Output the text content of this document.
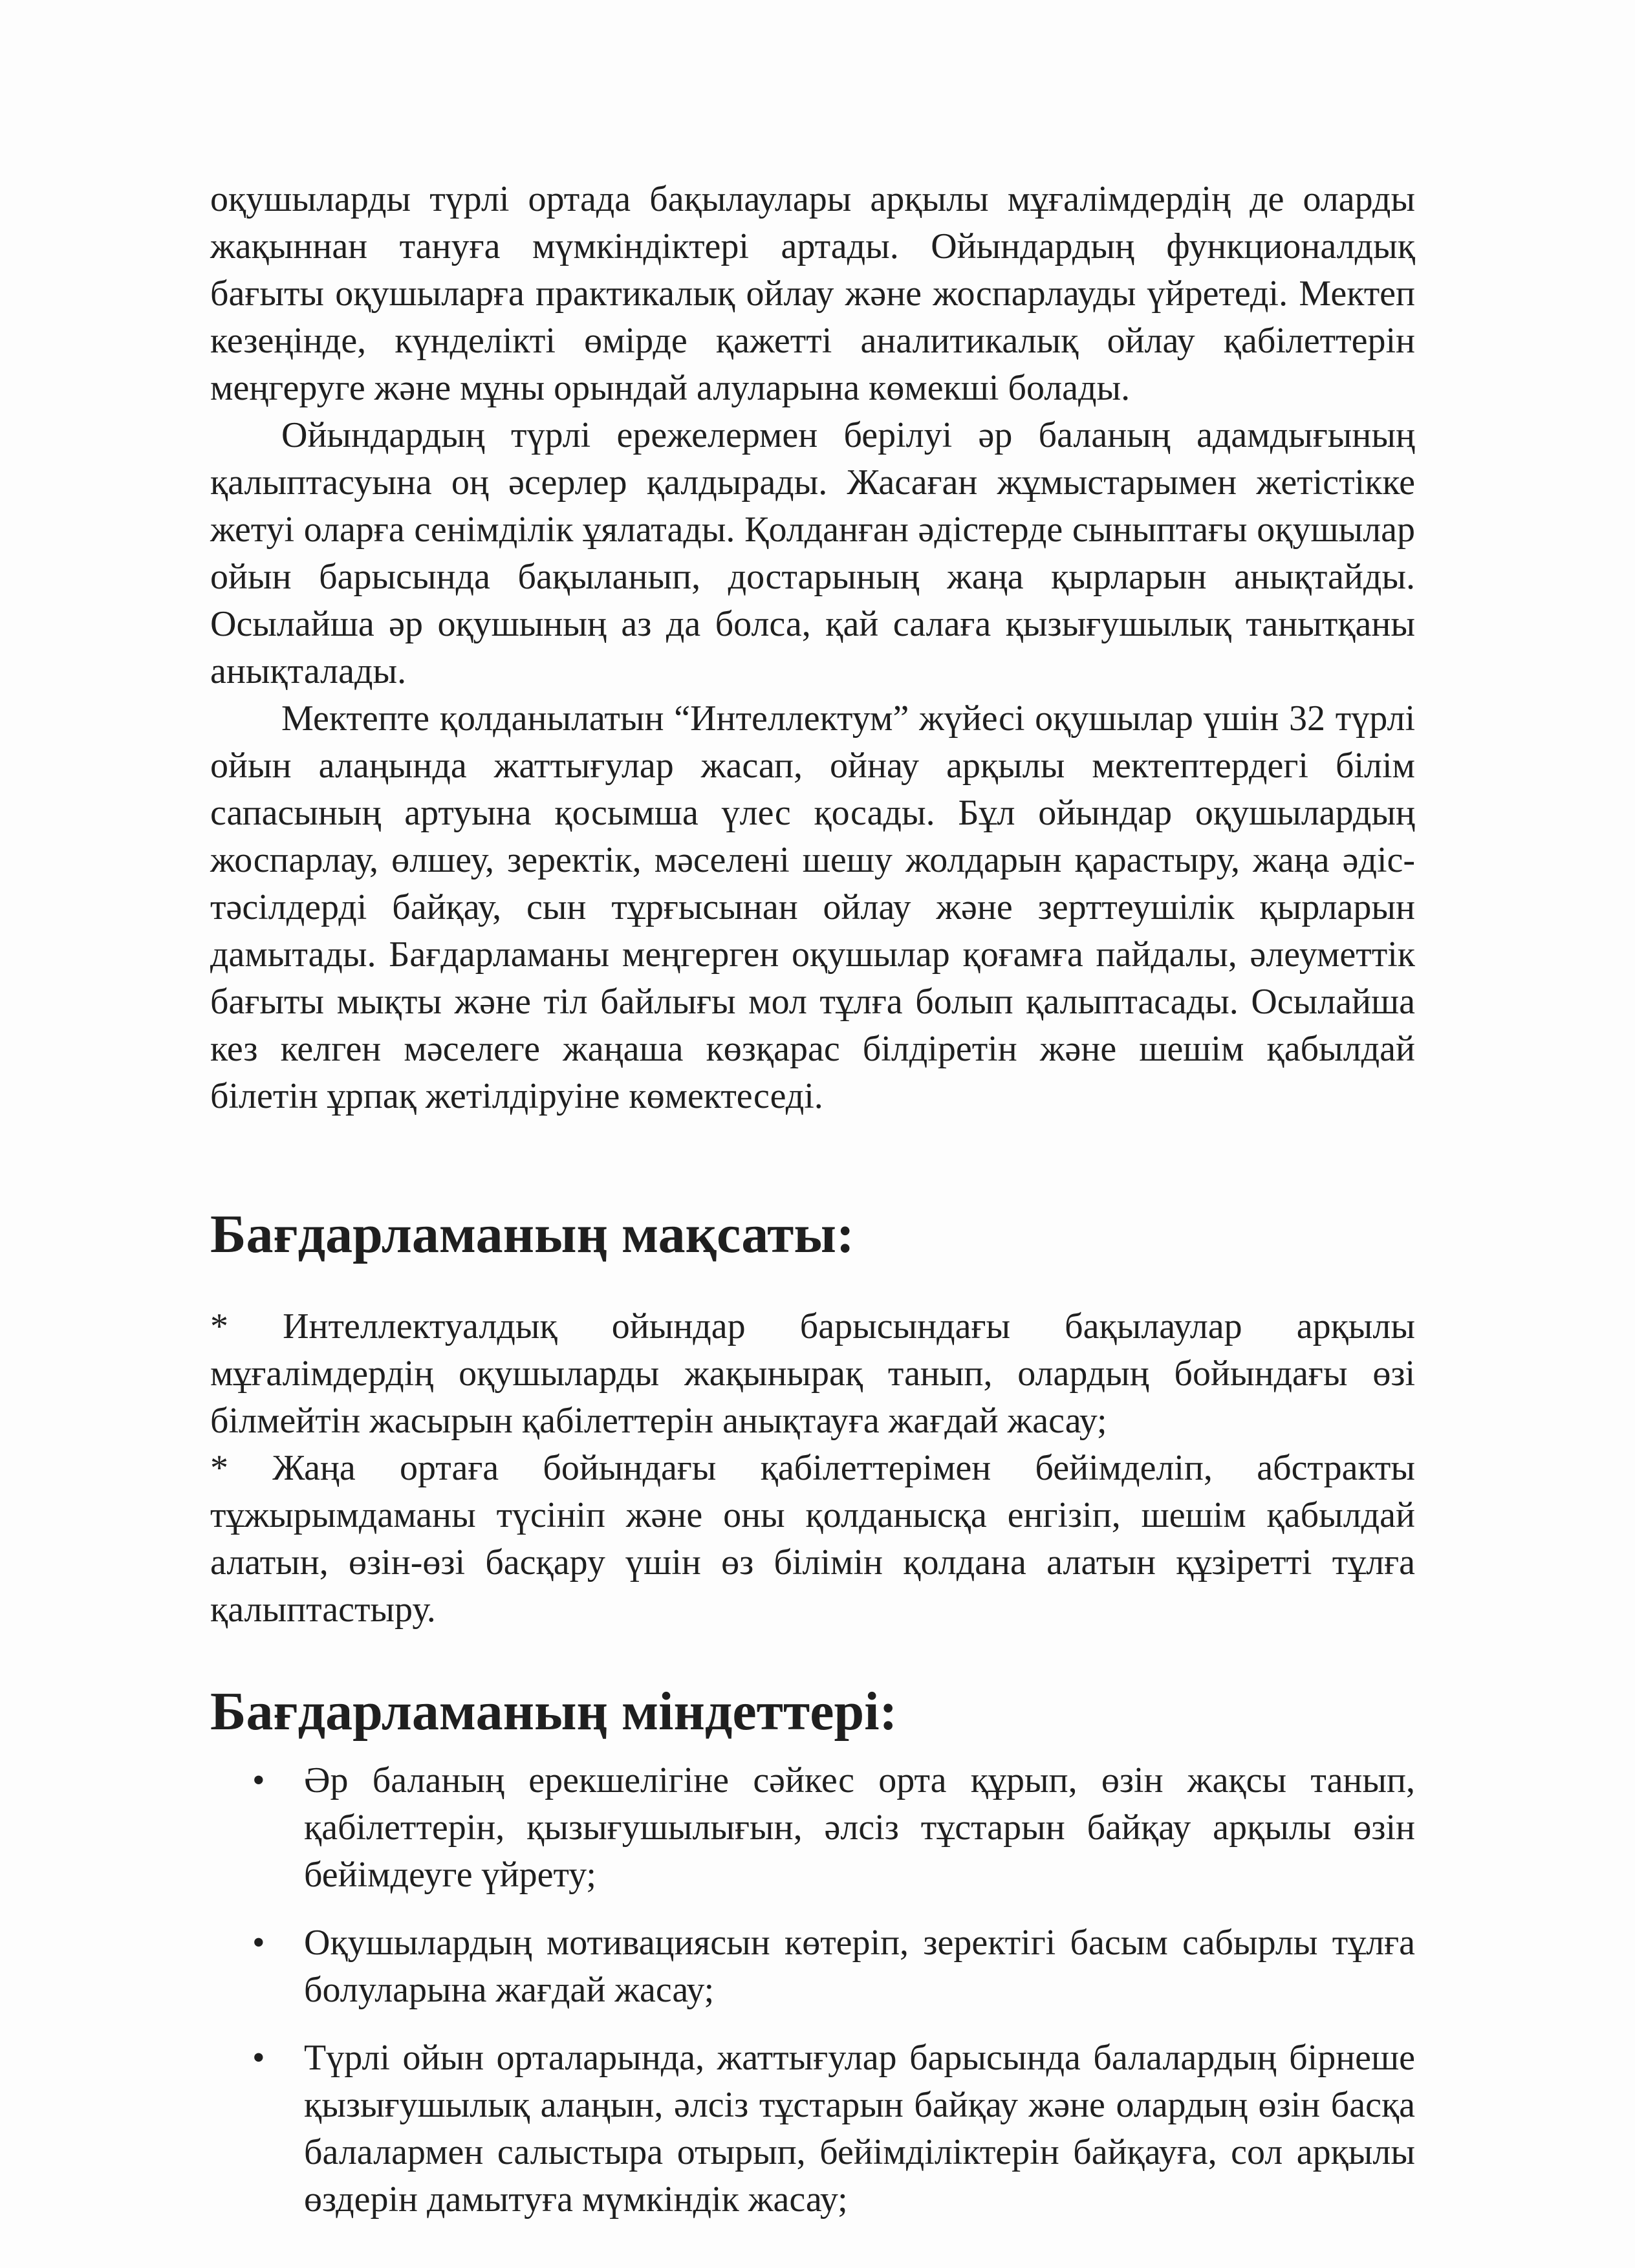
оқушыларды түрлі ортада бақылаулары арқылы мұғалімдердің де оларды жақыннан тануға мүмкіндіктері артады. Ойындардың функционалдық бағыты оқушыларға практикалық ойлау және жоспарлауды үйретеді. Мектеп кезеңінде, күнделікті өмірде қажетті аналитикалық ойлау қабілеттерін меңгеруге және мұны орындай алуларына көмекші болады.

Ойындардың түрлі ережелермен берілуі әр баланың адамдығының қалыптасуына оң әсерлер қалдырады. Жасаған жұмыстарымен жетістікке жетуі оларға сенімділік ұялатады. Қолданған әдістерде сыныптағы оқушылар ойын барысында бақыланып, достарының жаңа қырларын анықтайды. Осылайша әр оқушының аз да болса, қай салаға қызығушылық танытқаны анықталады.

Мектепте қолданылатын “Интеллектум” жүйесі оқушылар үшін 32 түрлі ойын алаңында жаттығулар жасап, ойнау арқылы мектептердегі білім сапасының артуына қосымша үлес қосады. Бұл ойындар оқушылардың жоспарлау, өлшеу, зеректік, мәселені шешу жолдарын қарастыру, жаңа әдіс-тәсілдерді байқау, сын тұрғысынан ойлау және зерттеушілік қырларын дамытады. Бағдарламаны меңгерген оқушылар қоғамға пайдалы, әлеуметтік бағыты мықты және тіл байлығы мол тұлға болып қалыптасады. Осылайша кез келген мәселеге жаңаша көзқарас білдіретін және шешім қабылдай білетін ұрпақ жетілдіруіне көмектеседі.

Бағдарламаның мақсаты:
* Интеллектуалдық ойындар барысындағы бақылаулар арқылы мұғалімдердің оқушыларды жақынырақ танып, олардың бойындағы өзі білмейтін жасырын қабілеттерін анықтауға жағдай жасау;
* Жаңа ортаға бойындағы қабілеттерімен бейімделіп, абстракты тұжырымдаманы түсініп және оны қолданысқа енгізіп, шешім қабылдай алатын, өзін-өзі басқару үшін өз білімін қолдана алатын құзіретті тұлға қалыптастыру.
Бағдарламаның міндеттері:
•	Әр баланың ерекшелігіне сәйкес орта құрып, өзін жақсы танып, қабілеттерін, қызығушылығын, әлсіз тұстарын байқау арқылы өзін бейімдеуге үйрету;
•	Оқушылардың мотивациясын көтеріп, зеректігі басым сабырлы тұлға болуларына жағдай жасау;
•	Түрлі ойын орталарында, жаттығулар барысында балалардың бірнеше қызығушылық алаңын, әлсіз тұстарын байқау және олардың өзін басқа балалармен салыстыра отырып, бейімділіктерін байқауға, сол арқылы өздерін дамытуға мүмкіндік жасау;
